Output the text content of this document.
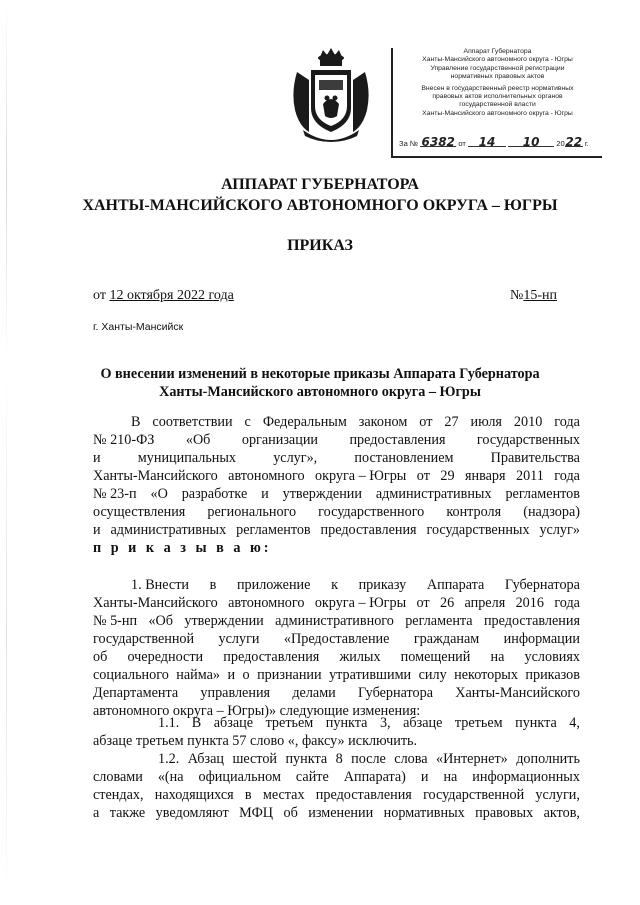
Аппарат Губернатора
Ханты-Мансийского автономного округа - Югры
Управление государственной регистрации
нормативных правовых актов
Внесен в государственный реестр нормативных
правовых актов исполнительных органов
государственной власти
Ханты-Мансийского автономного округа - Югры
За № 6382 от 14 10 2022 г.
АППАРАТ ГУБЕРНАТОРА
ХАНТЫ-МАНСИЙСКОГО АВТОНОМНОГО ОКРУГА – ЮГРЫ
ПРИКАЗ
от 12 октября 2022 года	№15-нп
г. Ханты-Мансийск
О внесении изменений в некоторые приказы Аппарата Губернатора
Ханты-Мансийского автономного округа – Югры
В соответствии с Федеральным законом от 27 июля 2010 года
№ 210-ФЗ «Об организации предоставления государственных
и	муниципальных	услуг»,	постановлением	Правительства
Ханты-Мансийского автономного округа – Югры от 29 января 2011 года
№ 23-п «О разработке и утверждении административных регламентов
осуществления регионального государственного контроля (надзора)
и административных регламентов предоставления государственных услуг»
п р и к а з ы в а ю:
1. Внести в приложение к приказу Аппарата Губернатора
Ханты-Мансийского автономного округа – Югры от 26 апреля 2016 года
№ 5-нп «Об утверждении административного регламента предоставления
государственной услуги «Предоставление гражданам информации
об очередности предоставления жилых помещений на условиях
социального найма» и о признании утратившими силу некоторых приказов
Департамента управления делами Губернатора Ханты-Мансийского
автономного округа – Югры)» следующие изменения:
1.1. В абзаце третьем пункта 3, абзаце третьем пункта 4,
абзаце третьем пункта 57 слово «, факсу» исключить.
1.2. Абзац шестой пункта 8 после слова «Интернет» дополнить
словами «(на официальном сайте Аппарата) и на информационных
стендах, находящихся в местах предоставления государственной услуги,
а также уведомляют МФЦ об изменении нормативных правовых актов,
